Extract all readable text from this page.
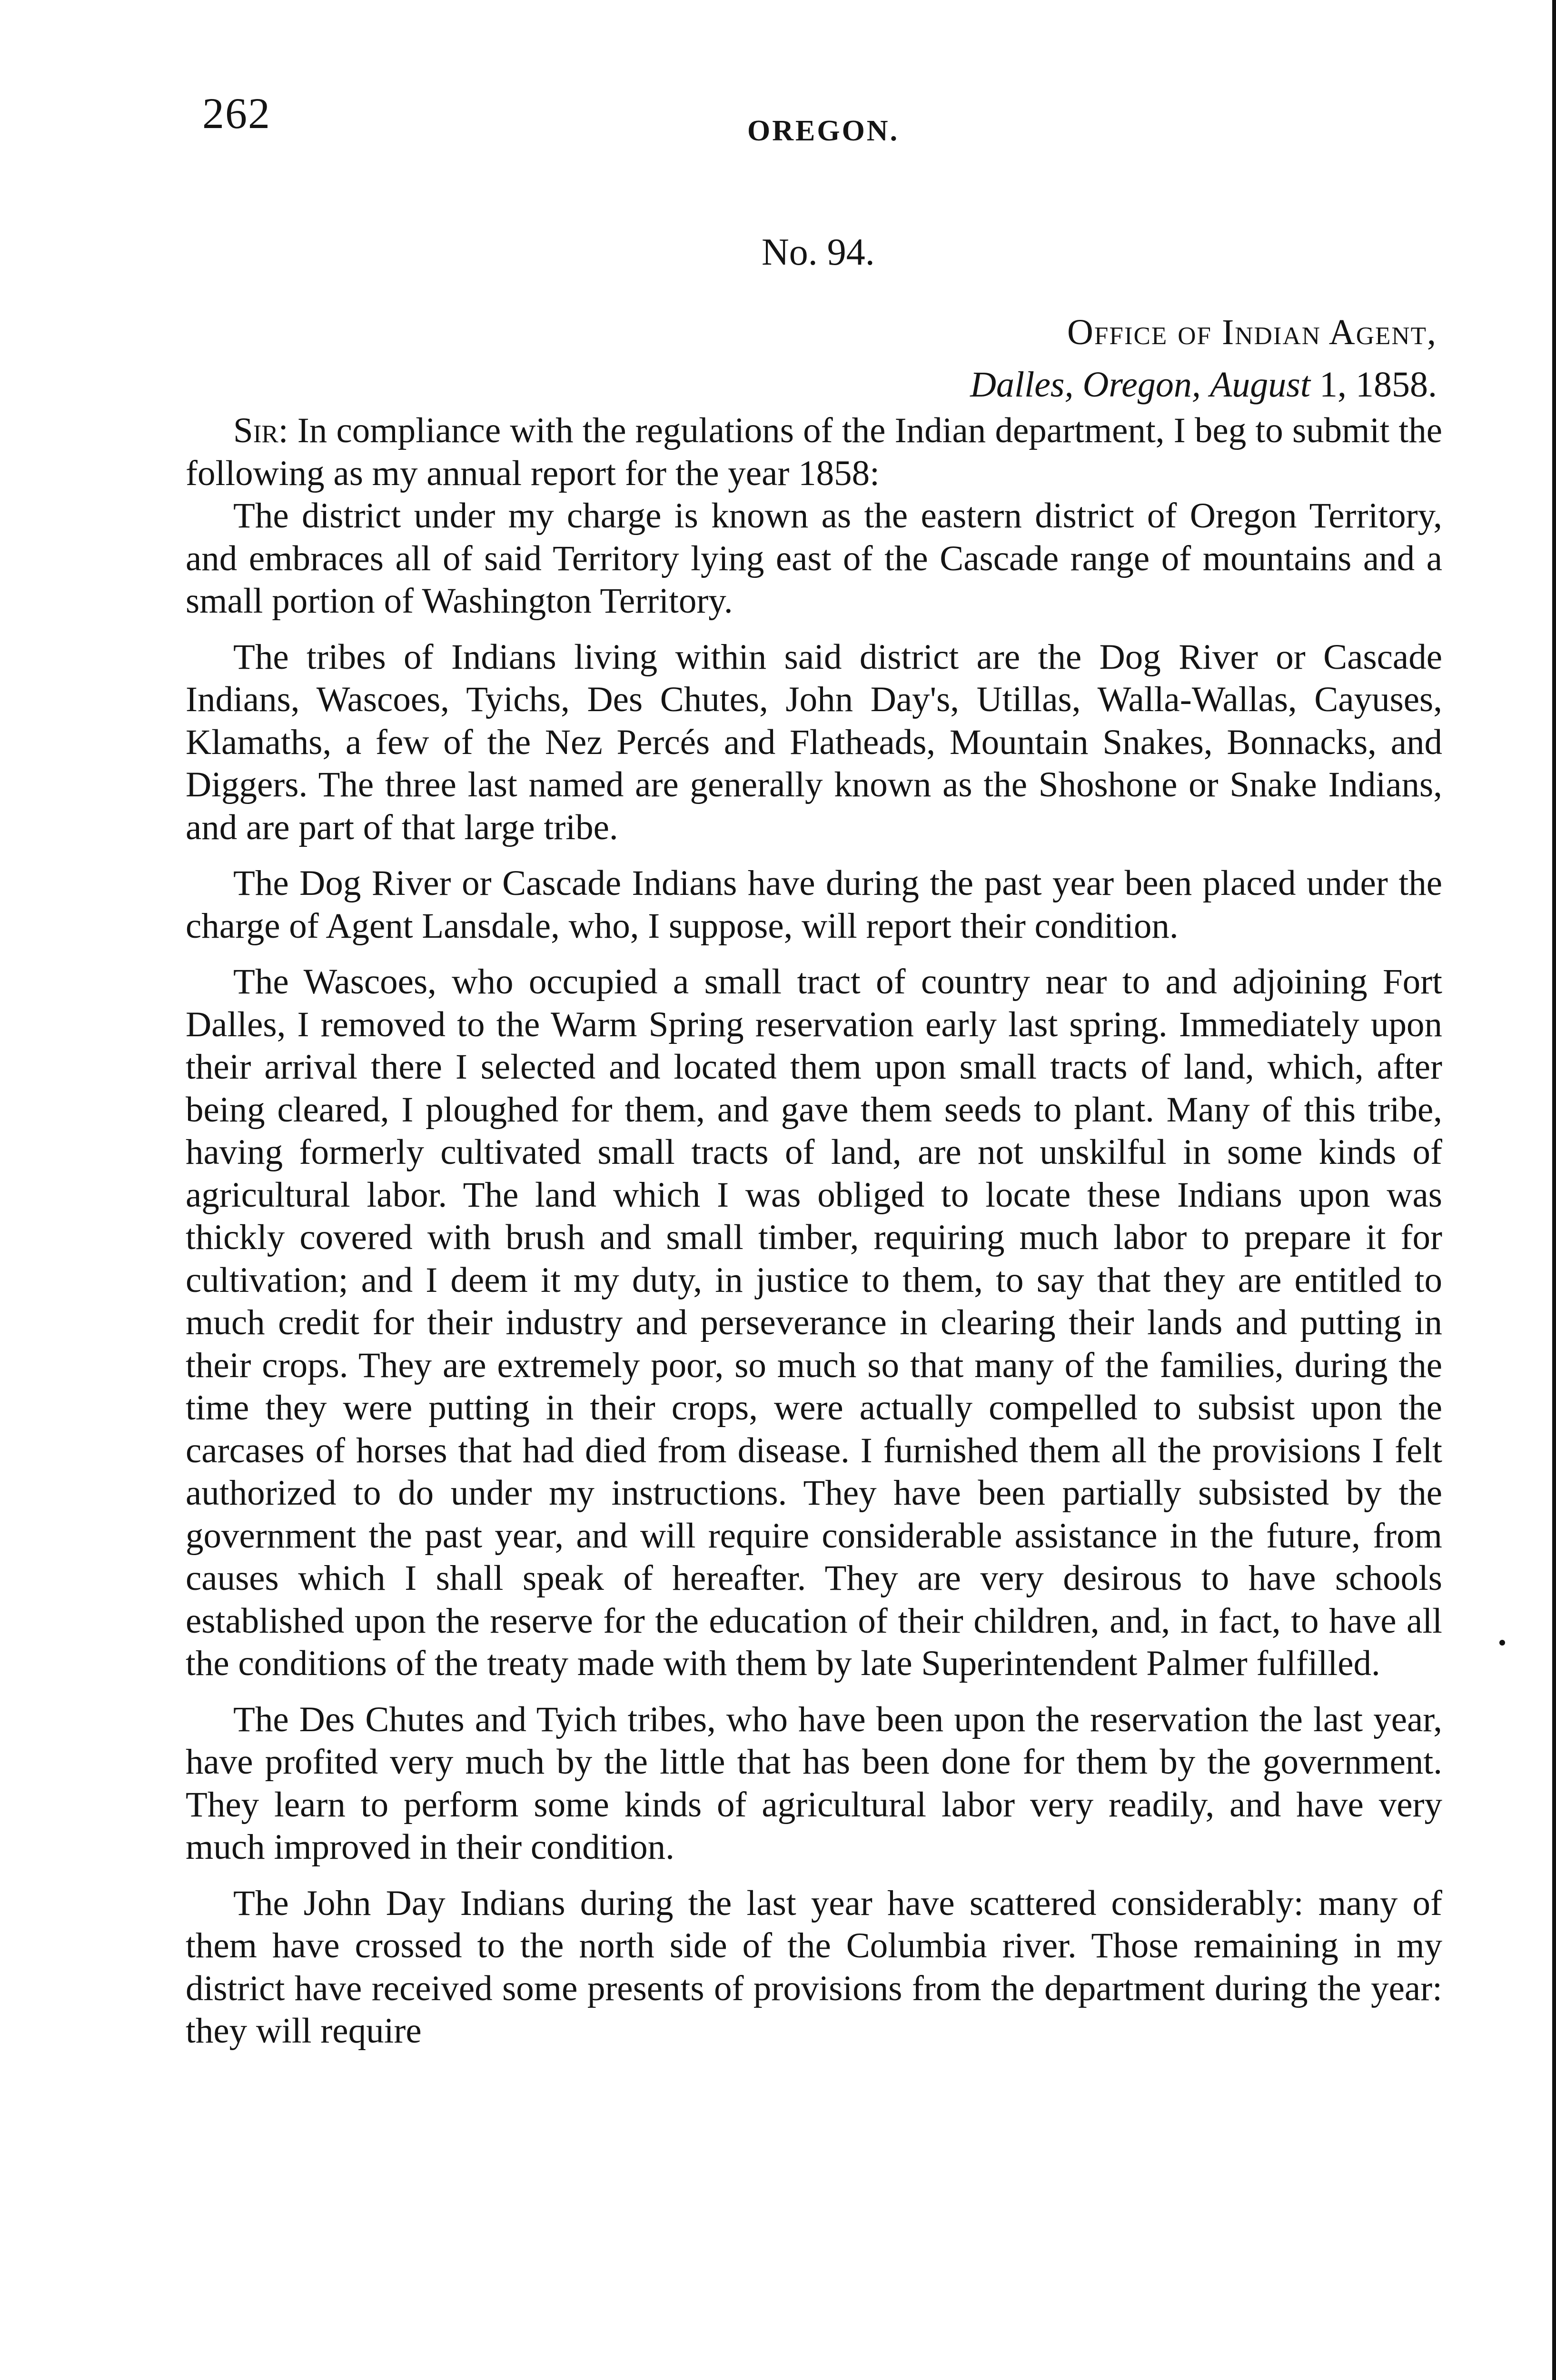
262	OREGON.
No. 94.
Office of Indian Agent,
Dalles, Oregon, August 1, 1858.

Sir: In compliance with the regulations of the Indian department, I beg to submit the following as my annual report for the year 1858:

The district under my charge is known as the eastern district of Oregon Territory, and embraces all of said Territory lying east of the Cascade range of mountains and a small portion of Washington Territory.

The tribes of Indians living within said district are the Dog River or Cascade Indians, Wascoes, Tyichs, Des Chutes, John Day's, Utillas, Walla-Wallas, Cayuses, Klamaths, a few of the Nez Percés and Flatheads, Mountain Snakes, Bonnacks, and Diggers. The three last named are generally known as the Shoshone or Snake Indians, and are part of that large tribe.

The Dog River or Cascade Indians have during the past year been placed under the charge of Agent Lansdale, who, I suppose, will report their condition.

The Wascoes, who occupied a small tract of country near to and adjoining Fort Dalles, I removed to the Warm Spring reservation early last spring. Immediately upon their arrival there I selected and located them upon small tracts of land, which, after being cleared, I ploughed for them, and gave them seeds to plant. Many of this tribe, having formerly cultivated small tracts of land, are not unskilful in some kinds of agricultural labor. The land which I was obliged to locate these Indians upon was thickly covered with brush and small timber, requiring much labor to prepare it for cultivation; and I deem it my duty, in justice to them, to say that they are entitled to much credit for their industry and perseverance in clearing their lands and putting in their crops. They are extremely poor, so much so that many of the families, during the time they were putting in their crops, were actually compelled to subsist upon the carcases of horses that had died from disease. I furnished them all the provisions I felt authorized to do under my instructions. They have been partially subsisted by the government the past year, and will require considerable assistance in the future, from causes which I shall speak of hereafter. They are very desirous to have schools established upon the reserve for the education of their children, and, in fact, to have all the conditions of the treaty made with them by late Superintendent Palmer fulfilled.

The Des Chutes and Tyich tribes, who have been upon the reservation the last year, have profited very much by the little that has been done for them by the government. They learn to perform some kinds of agricultural labor very readily, and have very much improved in their condition.

The John Day Indians during the last year have scattered considerably: many of them have crossed to the north side of the Columbia river. Those remaining in my district have received some presents of provisions from the department during the year: they will require
